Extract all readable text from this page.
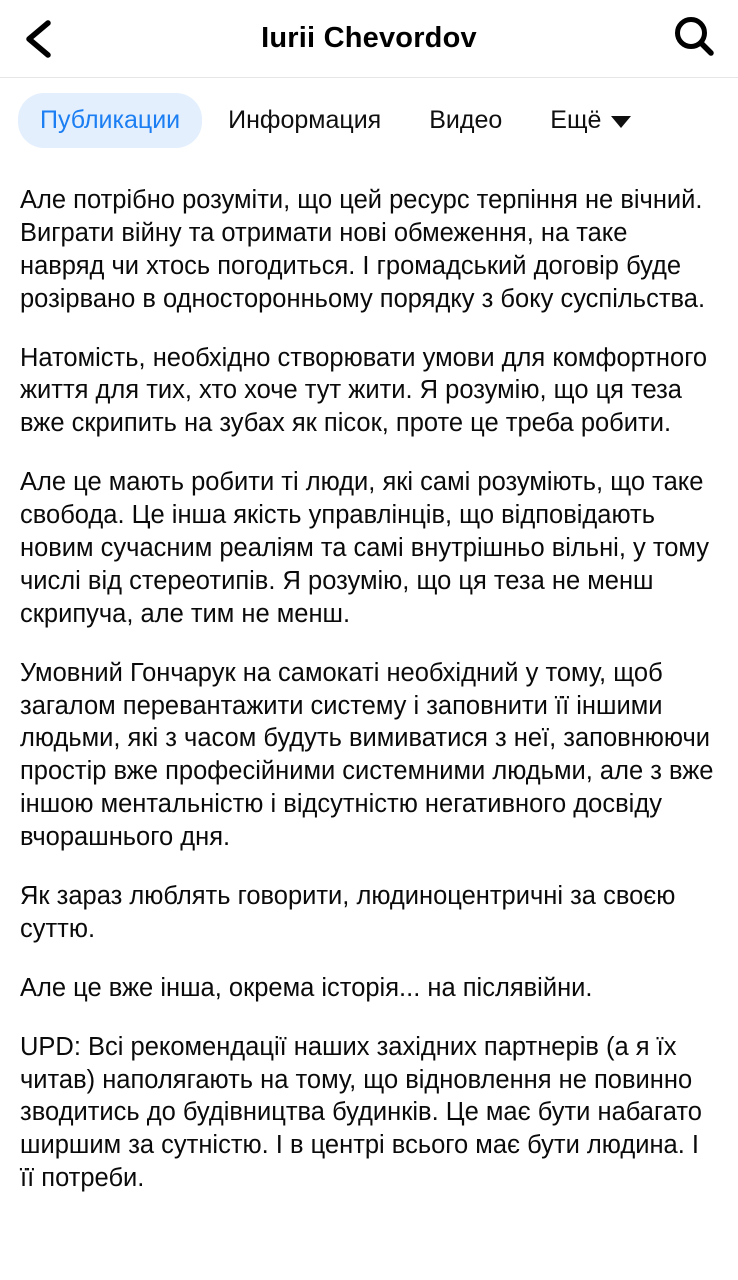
Iurii Chevordov
Публикации Информация Видео Ещё

Але потрібно розуміти, що цей ресурс терпіння не вічний. Виграти війну та отримати нові обмеження, на таке навряд чи хтось погодиться. І громадський договір буде розірвано в односторонньому порядку з боку суспільства.

Натомість, необхідно створювати умови для комфортного життя для тих, хто хоче тут жити. Я розумію, що ця теза вже скрипить на зубах як пісок, проте це треба робити.

Але це мають робити ті люди, які самі розуміють, що таке свобода. Це інша якість управлінців, що відповідають новим сучасним реаліям та самі внутрішньо вільні, у тому числі від стереотипів. Я розумію, що ця теза не менш скрипуча, але тим не менш.

Умовний Гончарук на самокаті необхідний у тому, щоб загалом перевантажити систему і заповнити її іншими людьми, які з часом будуть вимиватися з неї, заповнюючи простір вже професійними системними людьми, але з вже іншою ментальністю і відсутністю негативного досвіду вчорашнього дня.

Як зараз люблять говорити, людиноцентричні за своєю суттю.

Але це вже інша, окрема історія... на післявійни.

UPD: Всі рекомендації наших західних партнерів (а я їх читав) наполягають на тому, що відновлення не повинно зводитись до будівництва будинків. Це має бути набагато ширшим за сутністю. І в центрі всього має бути людина. І її потреби.
